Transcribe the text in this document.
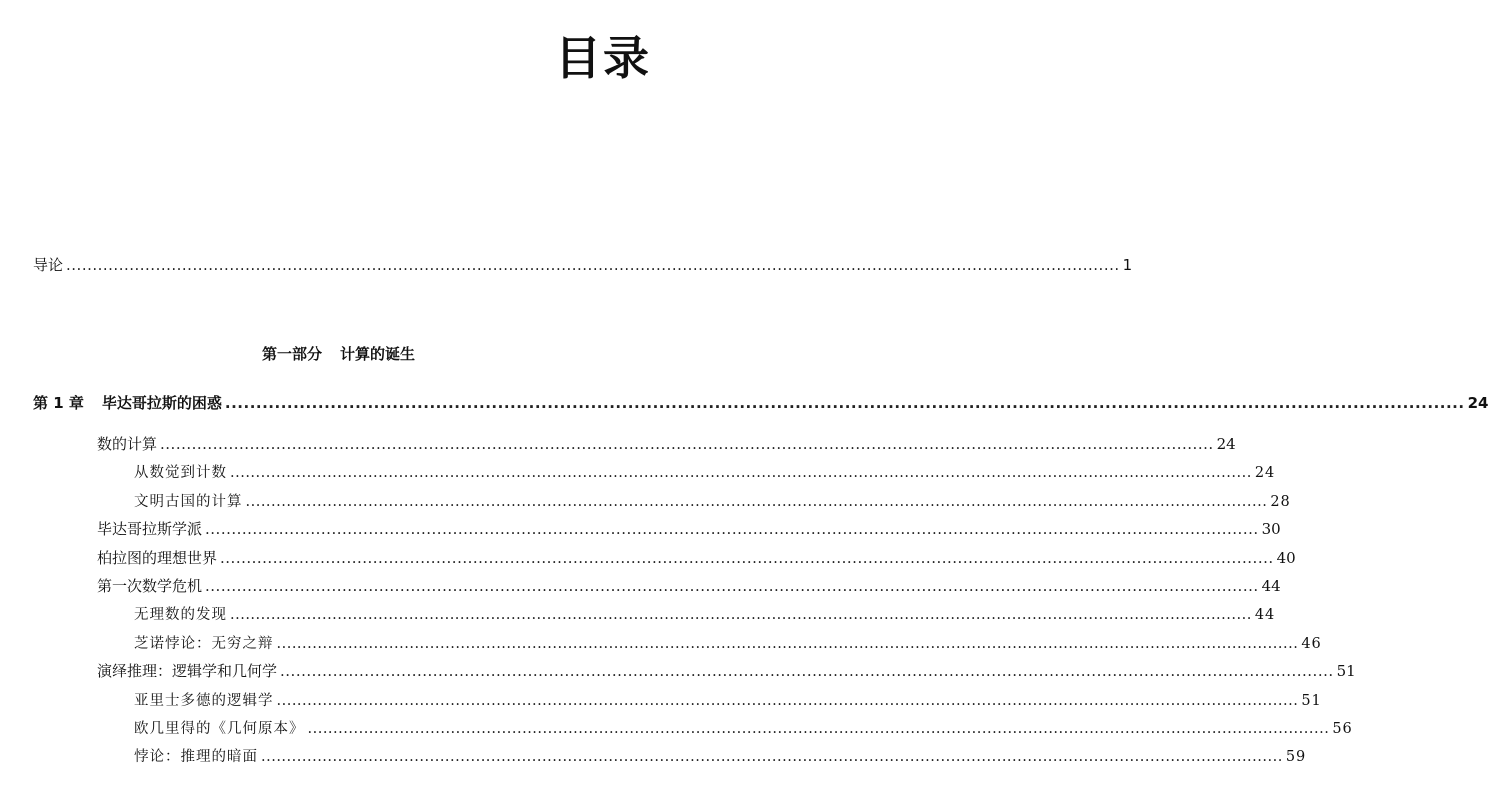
目录
导论 ........................................................................................................................................................................................................ 1
第一部分 计算的诞生
第 1 章 毕达哥拉斯的困惑 ........................................................................................................................................................................................................ 24
数的计算 ........................................................................................................................................................................................................ 24
从数觉到计数 ........................................................................................................................................................................................................ 24
文明古国的计算 ........................................................................................................................................................................................................ 28
毕达哥拉斯学派 ........................................................................................................................................................................................................ 30
柏拉图的理想世界 ........................................................................................................................................................................................................ 40
第一次数学危机 ........................................................................................................................................................................................................ 44
无理数的发现 ........................................................................................................................................................................................................ 44
芝诺悖论：无穷之辩 ........................................................................................................................................................................................................ 46
演绎推理：逻辑学和几何学 ........................................................................................................................................................................................................ 51
亚里士多德的逻辑学 ........................................................................................................................................................................................................ 51
欧几里得的《几何原本》 ........................................................................................................................................................................................................ 56
悖论：推理的暗面 ........................................................................................................................................................................................................ 59
